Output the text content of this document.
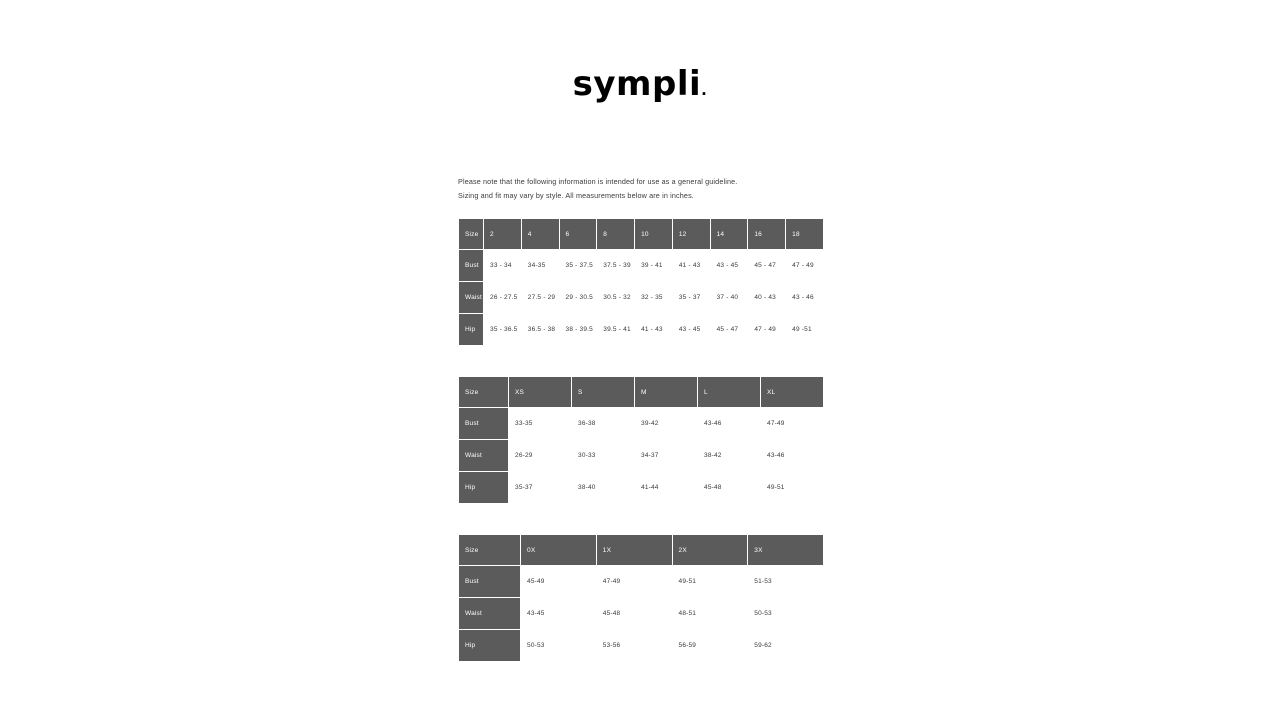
sympli.

Please note that the following information is intended for use as a general guideline.
Sizing and fit may vary by style. All measurements below are in inches.

Size	2	4	6	8	10	12	14	16	18
Bust	33 - 34	34-35	35 - 37.5	37.5 - 39	39 - 41	41 - 43	43 - 45	45 - 47	47 - 49
Waist	26 - 27.5	27.5 - 29	29 - 30.5	30.5 - 32	32 - 35	35 - 37	37 - 40	40 - 43	43 - 46
Hip	35 - 36.5	36.5 - 38	38 - 39.5	39.5 - 41	41 - 43	43 - 45	45 - 47	47 - 49	49 -51
Size	XS	S	M	L	XL
Bust	33-35	36-38	39-42	43-46	47-49
Waist	26-29	30-33	34-37	38-42	43-46
Hip	35-37	38-40	41-44	45-48	49-51
Size	0X	1X	2X	3X
Bust	45-49	47-49	49-51	51-53
Waist	43-45	45-48	48-51	50-53
Hip	50-53	53-56	56-59	59-62
